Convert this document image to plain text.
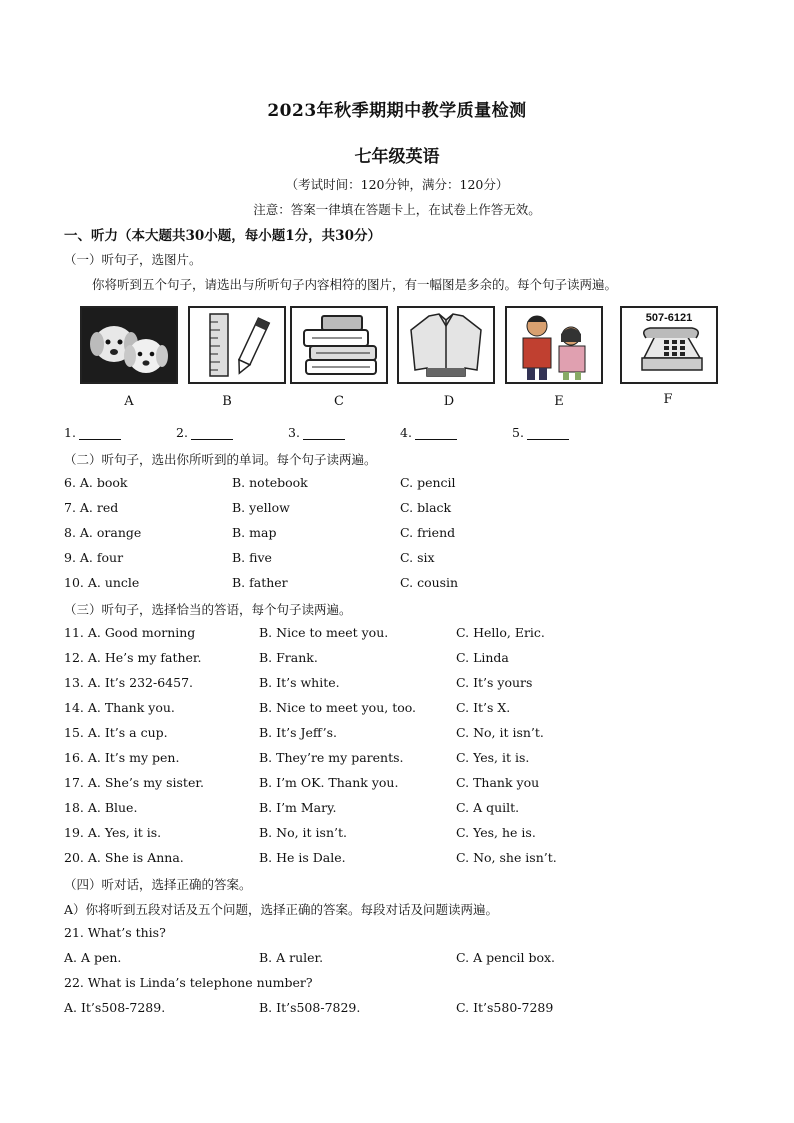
2023年秋季期期中教学质量检测
七年级英语
（考试时间：120分钟，满分：120分）
注意：答案一律填在答题卡上，在试卷上作答无效。
一、听力（本大题共30小题，每小题1分，共30分）
（一）听句子，选图片。
你将听到五个句子，请选出与所听句子内容相符的图片，有一幅图是多余的。每个句子读两遍。
507-6121
A	B	C	D	E	F
1.	2.	3.	4.	5.
（二）听句子，选出你所听到的单词。每个句子读两遍。
6. A. book	B. notebook	C. pencil
7. A. red	B. yellow	C. black
8. A. orange	B. map	C. friend
9. A. four	B. five	C. six
10. A. uncle	B. father	C. cousin
（三）听句子，选择恰当的答语，每个句子读两遍。
11. A. Good morning	B. Nice to meet you.	C. Hello, Eric.
12. A. He’s my father.	B. Frank.	C. Linda
13. A. It’s 232-6457.	B. It’s white.	C. It’s yours
14. A. Thank you.	B. Nice to meet you, too.	C. It’s X.
15. A. It’s a cup.	B. It’s Jeff’s.	C. No, it isn’t.
16. A. It’s my pen.	B. They’re my parents.	C. Yes, it is.
17. A. She’s my sister.	B. I’m OK. Thank you.	C. Thank you
18. A. Blue.	B. I’m Mary.	C. A quilt.
19. A. Yes, it is.	B. No, it isn’t.	C. Yes, he is.
20. A. She is Anna.	B. He is Dale.	C. No, she isn’t.
（四）听对话，选择正确的答案。
A）你将听到五段对话及五个问题，选择正确的答案。每段对话及问题读两遍。
21. What’s this?
A. A pen.	B. A ruler.	C. A pencil box.
22. What is Linda’s telephone number?
A. It’s508-7289.	B. It’s508-7829.	C. It’s580-7289
